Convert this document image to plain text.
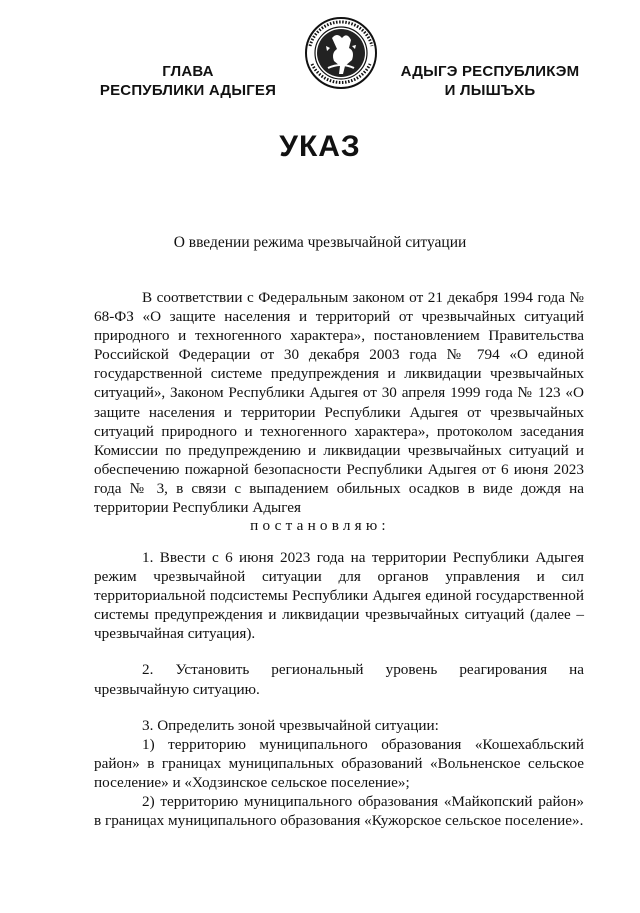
ГЛАВА
РЕСПУБЛИКИ АДЫГЕЯ
АДЫГЭ РЕСПУБЛИКЭМ
И ЛЫШЪХЬ
УКАЗ
О введении режима чрезвычайной ситуации

В соответствии с Федеральным законом от 21 декабря 1994 года № 68-ФЗ «О защите населения и территорий от чрезвычайных ситуаций природного и техногенного характера», постановлением Правительства Российской Федерации от 30 декабря 2003 года № 794 «О единой государственной системе предупреждения и ликвидации чрезвычайных ситуаций», Законом Республики Адыгея от 30 апреля 1999 года № 123 «О защите населения и территории Республики Адыгея от чрезвычайных ситуаций природного и техногенного характера», протоколом заседания Комиссии по предупреждению и ликвидации чрезвычайных ситуаций и обеспечению пожарной безопасности Республики Адыгея от 6 июня 2023 года № 3, в связи с выпадением обильных осадков в виде дождя на территории Республики Адыгея

постановляю:

1. Ввести с 6 июня 2023 года на территории Республики Адыгея режим чрезвычайной ситуации для органов управления и сил территориальной подсистемы Республики Адыгея единой государственной системы предупреждения и ликвидации чрезвычайных ситуаций (далее – чрезвычайная ситуация).

2. Установить региональный уровень реагирования на чрезвычайную ситуацию.

3. Определить зоной чрезвычайной ситуации:

1) территорию муниципального образования «Кошехабльский район» в границах муниципальных образований «Вольненское сельское поселение» и «Ходзинское сельское поселение»;

2) территорию муниципального образования «Майкопский район» в границах муниципального образования «Кужорское сельское поселение».
